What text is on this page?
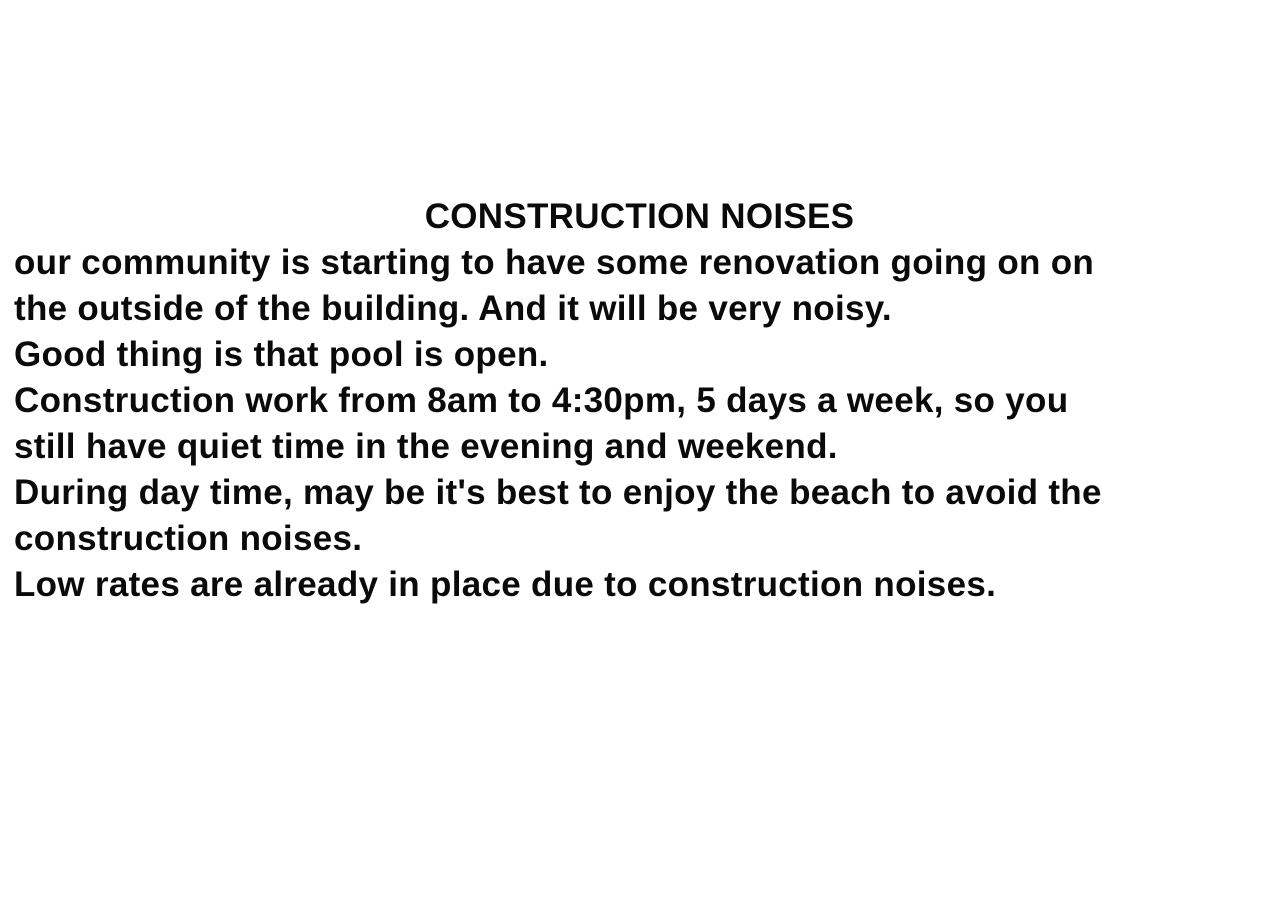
CONSTRUCTION NOISES
our community is starting to have some renovation going on on
the outside of the building. And it will be very noisy.
Good thing is that pool is open.
Construction work from 8am to 4:30pm, 5 days a week, so you
still have quiet time in the evening and weekend.
During day time, may be it's best to enjoy the beach to avoid the
construction noises.
Low rates are already in place due to construction noises.
